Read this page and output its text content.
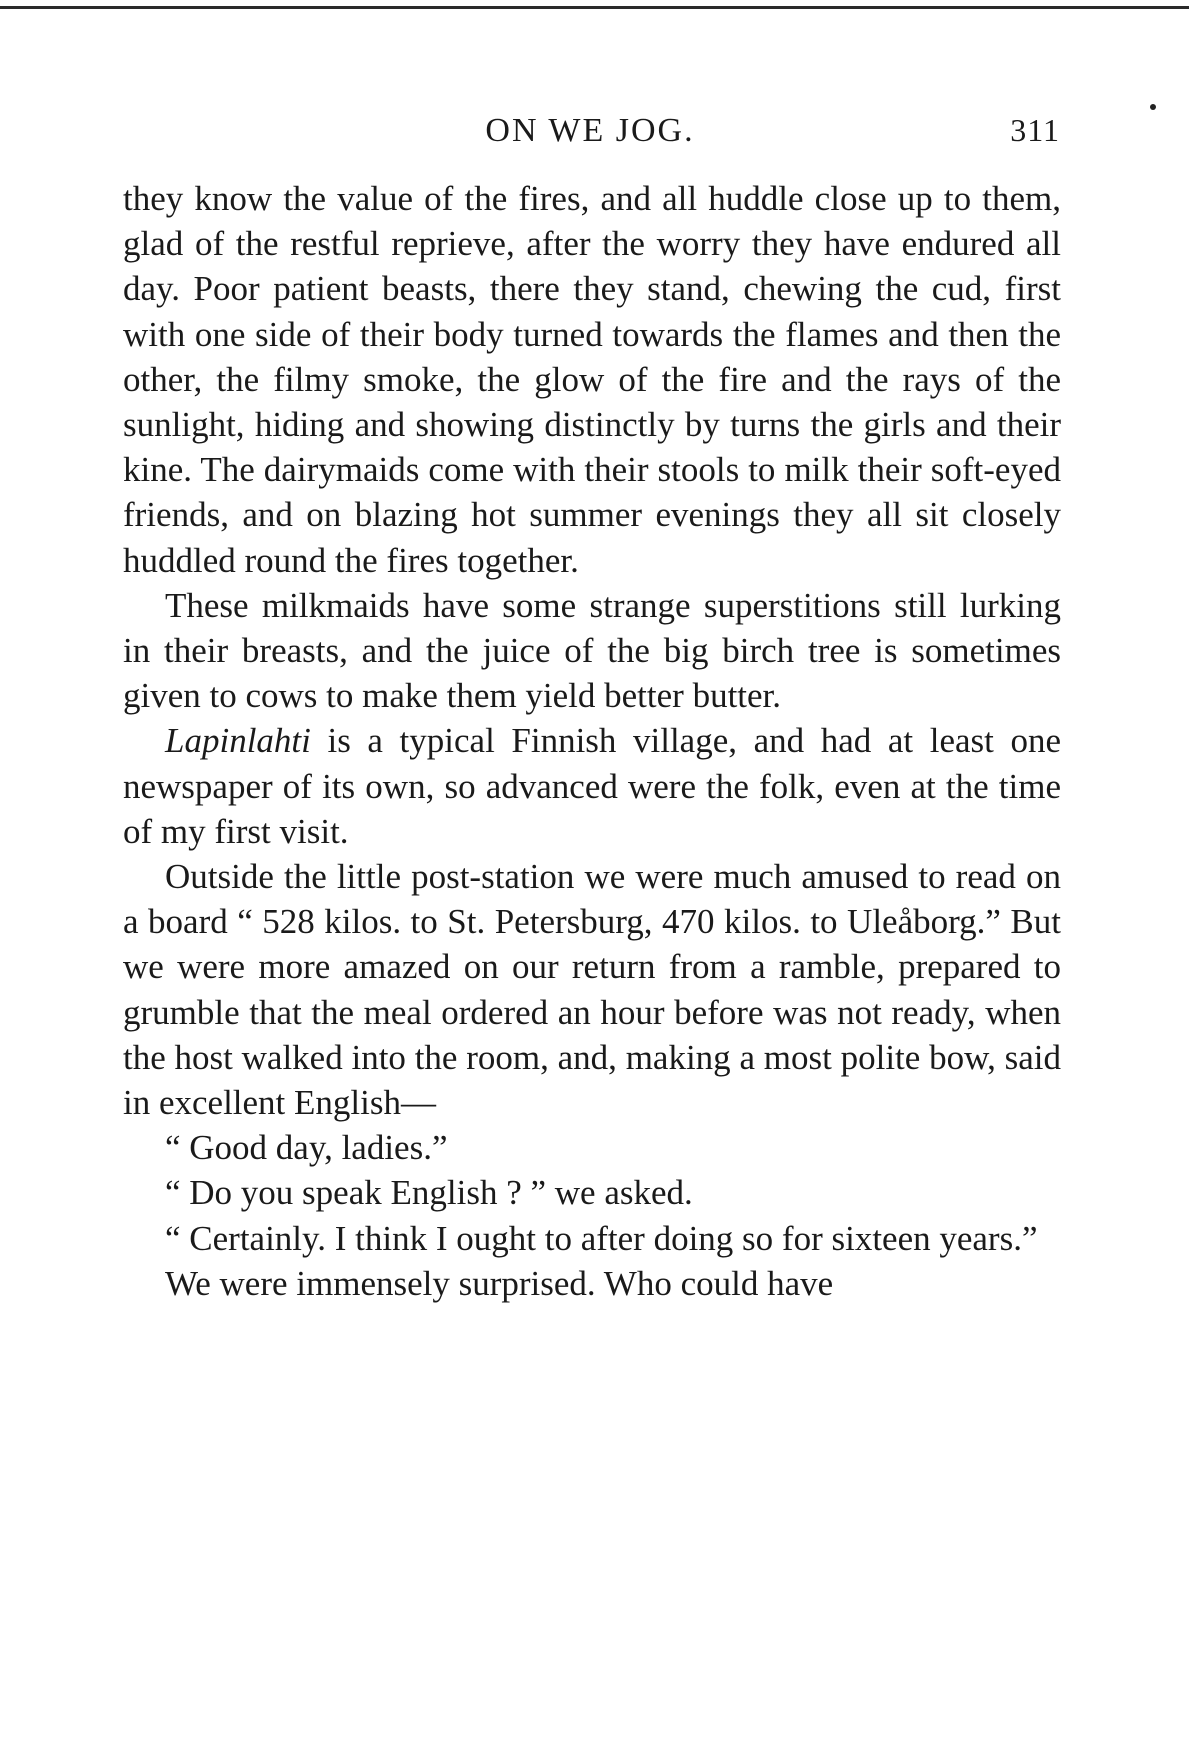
ON WE JOG.	311

they know the value of the fires, and all huddle close up to them, glad of the restful reprieve, after the worry they have endured all day. Poor patient beasts, there they stand, chewing the cud, first with one side of their body turned towards the flames and then the other, the filmy smoke, the glow of the fire and the rays of the sunlight, hiding and showing distinctly by turns the girls and their kine. The dairymaids come with their stools to milk their soft-eyed friends, and on blazing hot summer evenings they all sit closely huddled round the fires together.

These milkmaids have some strange superstitions still lurking in their breasts, and the juice of the big birch tree is sometimes given to cows to make them yield better butter.

Lapinlahti is a typical Finnish village, and had at least one newspaper of its own, so advanced were the folk, even at the time of my first visit.

Outside the little post-station we were much amused to read on a board “ 528 kilos. to St. Petersburg, 470 kilos. to Uleåborg.” But we were more amazed on our return from a ramble, prepared to grumble that the meal ordered an hour before was not ready, when the host walked into the room, and, making a most polite bow, said in excellent English—

“ Good day, ladies.”

“ Do you speak English ? ” we asked.

“ Certainly. I think I ought to after doing so for sixteen years.”

We were immensely surprised. Who could have
